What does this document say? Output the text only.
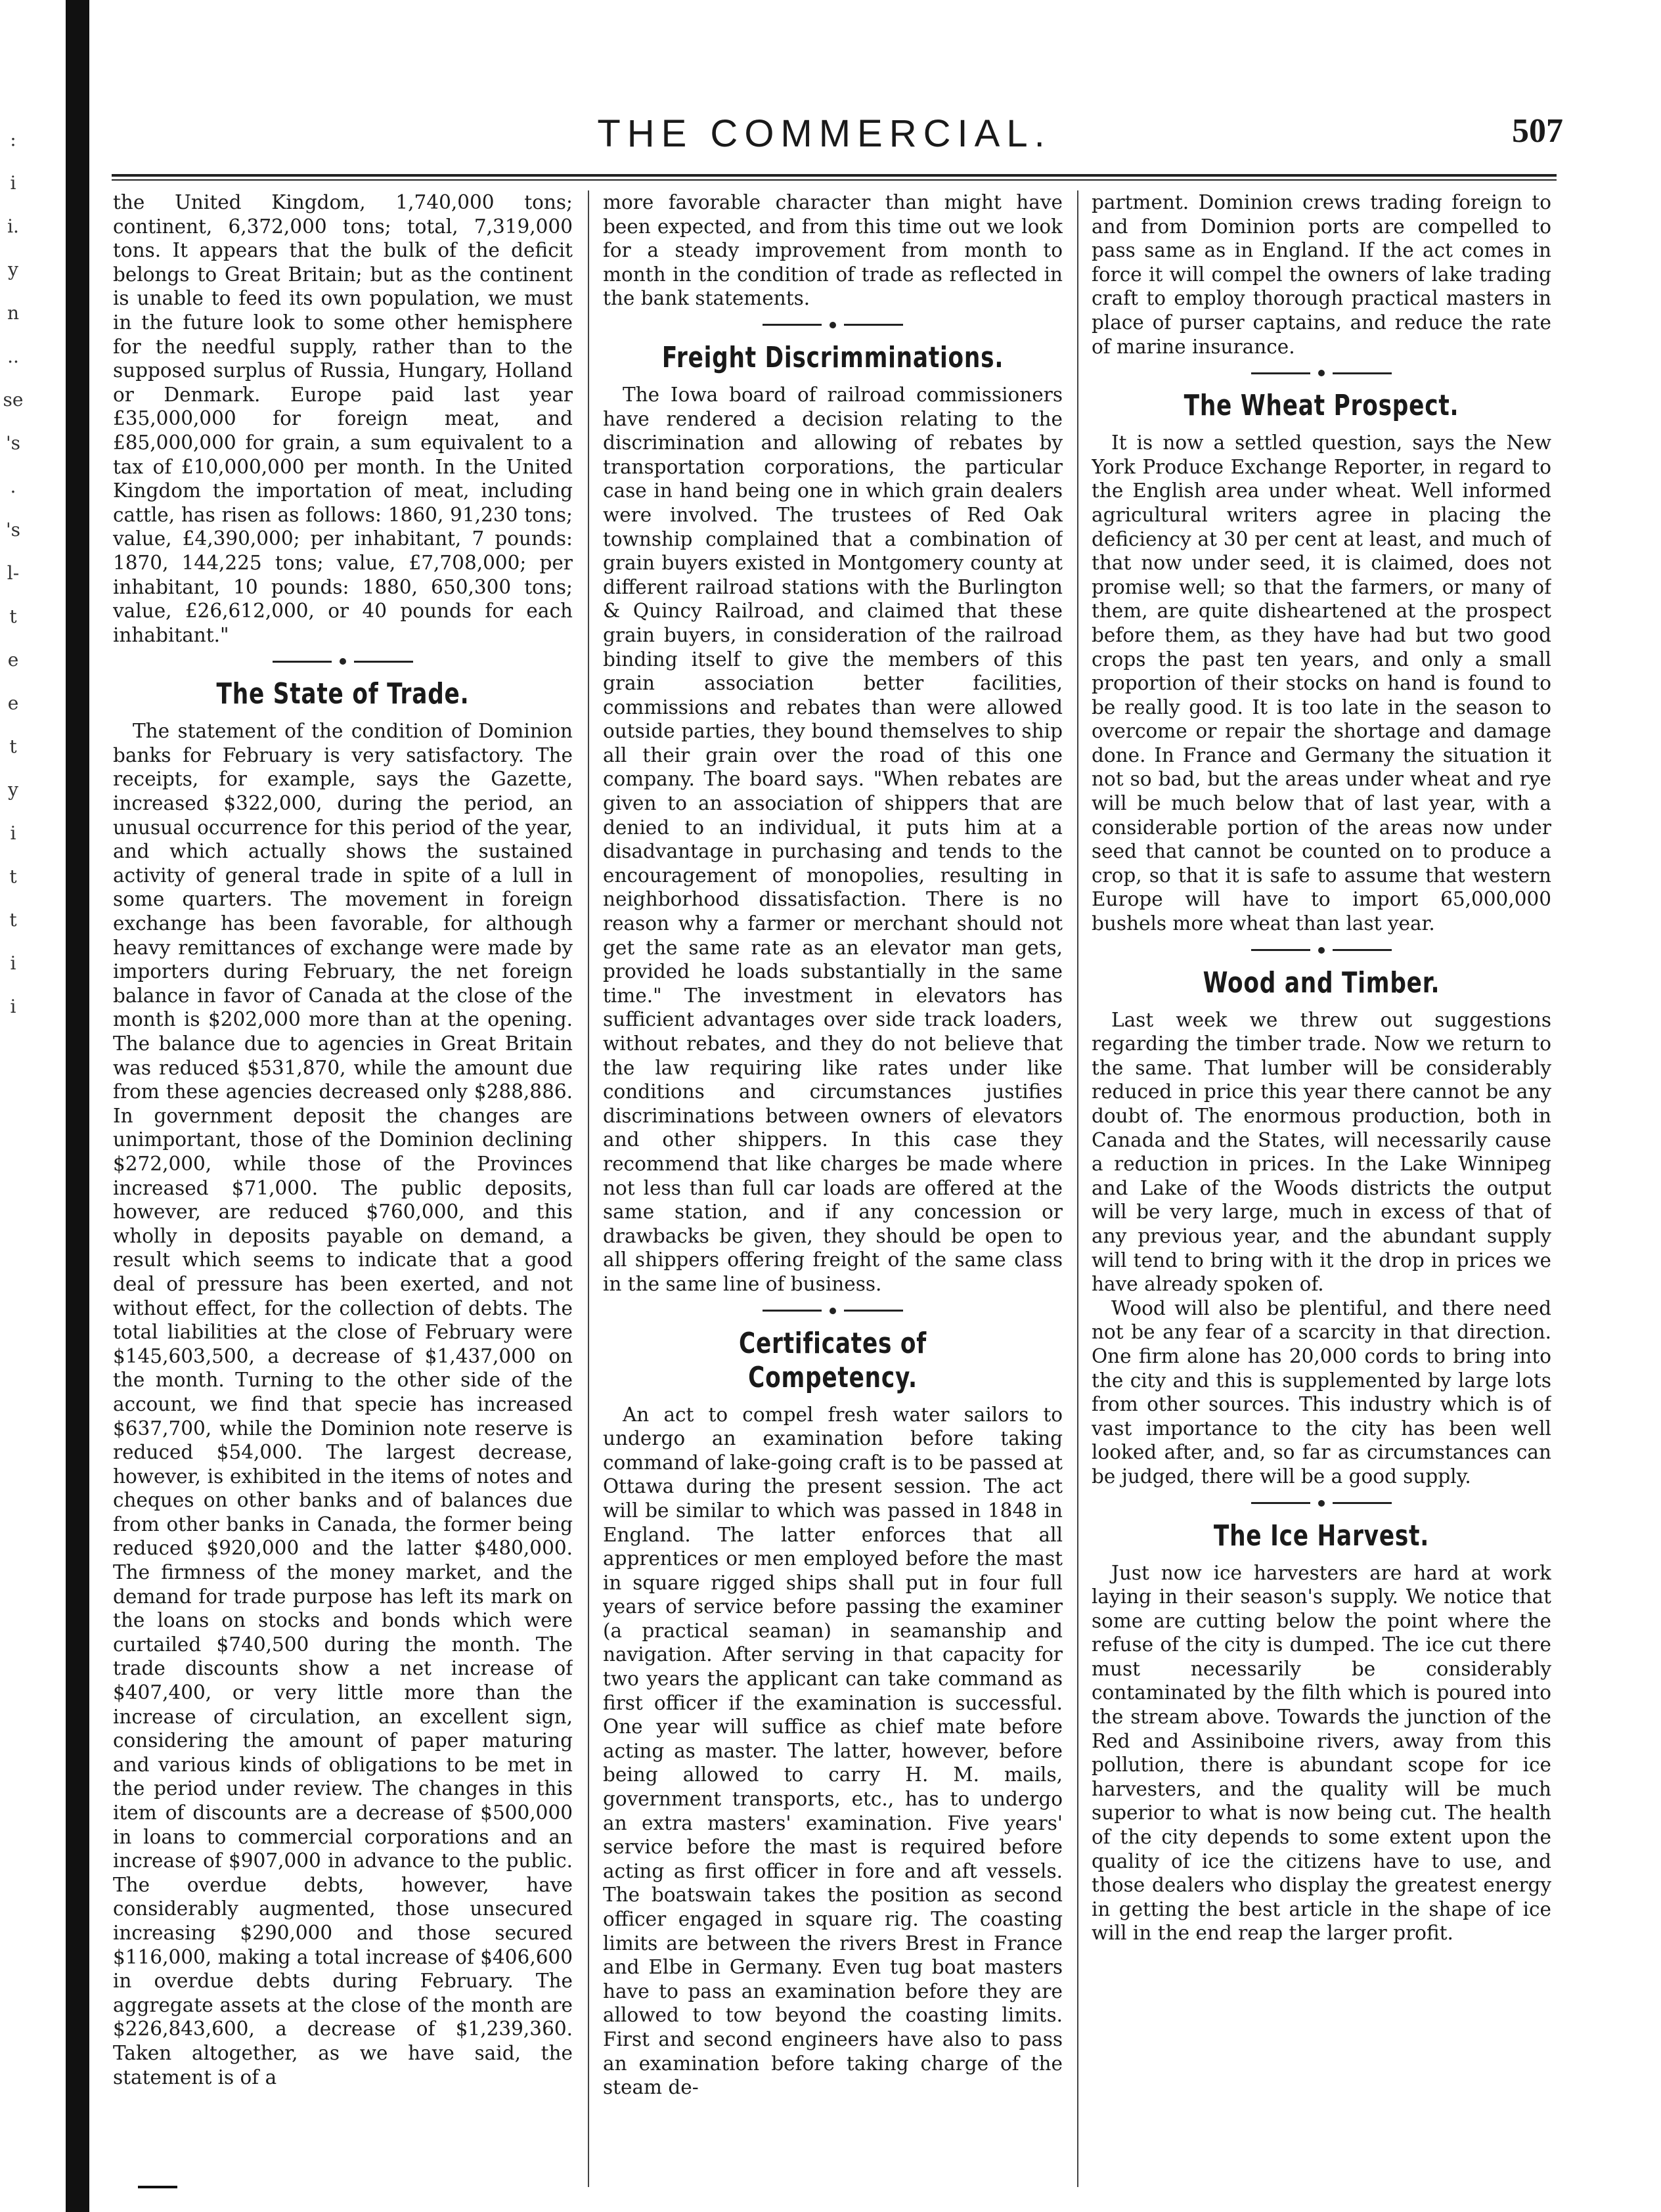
:
i
i.
y
n
..
se
's
.
's
l-
t
e
e
t
y
i
t
t
i
i
THE COMMERCIAL.	507

the United Kingdom, 1,740,000 tons; continent, 6,372,000 tons; total, 7,319,000 tons. It appears that the bulk of the deficit belongs to Great Britain; but as the continent is unable to feed its own population, we must in the future look to some other hemisphere for the needful supply, rather than to the supposed surplus of Russia, Hungary, Holland or Denmark. Europe paid last year £35,000,000 for foreign meat, and £85,000,000 for grain, a sum equivalent to a tax of £10,000,000 per month. In the United Kingdom the importation of meat, including cattle, has risen as follows: 1860, 91,230 tons; value, £4,390,000; per inhabitant, 7 pounds: 1870, 144,225 tons; value, £7,708,000; per inhabitant, 10 pounds: 1880, 650,300 tons; value, £26,612,000, or 40 pounds for each inhabitant."

The State of Trade.

The statement of the condition of Dominion banks for February is very satisfactory. The receipts, for example, says the Gazette, increased $322,000, during the period, an unusual occurrence for this period of the year, and which actually shows the sustained activity of general trade in spite of a lull in some quarters. The movement in foreign exchange has been favorable, for although heavy remittances of exchange were made by importers during February, the net foreign balance in favor of Canada at the close of the month is $202,000 more than at the opening. The balance due to agencies in Great Britain was reduced $531,870, while the amount due from these agencies decreased only $288,886. In government deposit the changes are unimportant, those of the Dominion declining $272,000, while those of the Provinces increased $71,000. The public deposits, however, are reduced $760,000, and this wholly in deposits payable on demand, a result which seems to indicate that a good deal of pressure has been exerted, and not without effect, for the collection of debts. The total liabilities at the close of February were $145,603,500, a decrease of $1,437,000 on the month. Turning to the other side of the account, we find that specie has increased $637,700, while the Dominion note reserve is reduced $54,000. The largest decrease, however, is exhibited in the items of notes and cheques on other banks and of balances due from other banks in Canada, the former being reduced $920,000 and the latter $480,000. The firmness of the money market, and the demand for trade purpose has left its mark on the loans on stocks and bonds which were curtailed $740,500 during the month. The trade discounts show a net increase of $407,400, or very little more than the increase of circulation, an excellent sign, considering the amount of paper maturing and various kinds of obligations to be met in the period under review. The changes in this item of discounts are a decrease of $500,000 in loans to commercial corporations and an increase of $907,000 in advance to the public. The overdue debts, however, have considerably augmented, those unsecured increasing $290,000 and those secured $116,000, making a total increase of $406,600 in overdue debts during February. The aggregate assets at the close of the month are $226,843,600, a decrease of $1,239,360. Taken altogether, as we have said, the statement is of a

more favorable character than might have been expected, and from this time out we look for a steady improvement from month to month in the condition of trade as reflected in the bank statements.

Freight Discrimminations.

The Iowa board of railroad commissioners have rendered a decision relating to the discrimination and allowing of rebates by transportation corporations, the particular case in hand being one in which grain dealers were involved. The trustees of Red Oak township complained that a combination of grain buyers existed in Montgomery county at different railroad stations with the Burlington & Quincy Railroad, and claimed that these grain buyers, in consideration of the railroad binding itself to give the members of this grain association better facilities, commissions and rebates than were allowed outside parties, they bound themselves to ship all their grain over the road of this one company. The board says. "When rebates are given to an association of shippers that are denied to an individual, it puts him at a disadvantage in purchasing and tends to the encouragement of monopolies, resulting in neighborhood dissatisfaction. There is no reason why a farmer or merchant should not get the same rate as an elevator man gets, provided he loads substantially in the same time." The investment in elevators has sufficient advantages over side track loaders, without rebates, and they do not believe that the law requiring like rates under like conditions and circumstances justifies discriminations between owners of elevators and other shippers. In this case they recommend that like charges be made where not less than full car loads are offered at the same station, and if any concession or drawbacks be given, they should be open to all shippers offering freight of the same class in the same line of business.

Certificates of Competency.

An act to compel fresh water sailors to undergo an examination before taking command of lake-going craft is to be passed at Ottawa during the present session. The act will be similar to which was passed in 1848 in England. The latter enforces that all apprentices or men employed before the mast in square rigged ships shall put in four full years of service before passing the examiner (a practical seaman) in seamanship and navigation. After serving in that capacity for two years the applicant can take command as first officer if the examination is successful. One year will suffice as chief mate before acting as master. The latter, however, before being allowed to carry H. M. mails, government transports, etc., has to undergo an extra masters' examination. Five years' service before the mast is required before acting as first officer in fore and aft vessels. The boatswain takes the position as second officer engaged in square rig. The coasting limits are between the rivers Brest in France and Elbe in Germany. Even tug boat masters have to pass an examination before they are allowed to tow beyond the coasting limits. First and second engineers have also to pass an examination before taking charge of the steam de-

partment. Dominion crews trading foreign to and from Dominion ports are compelled to pass same as in England. If the act comes in force it will compel the owners of lake trading craft to employ thorough practical masters in place of purser captains, and reduce the rate of marine insurance.

The Wheat Prospect.

It is now a settled question, says the New York Produce Exchange Reporter, in regard to the English area under wheat. Well informed agricultural writers agree in placing the deficiency at 30 per cent at least, and much of that now under seed, it is claimed, does not promise well; so that the farmers, or many of them, are quite disheartened at the prospect before them, as they have had but two good crops the past ten years, and only a small proportion of their stocks on hand is found to be really good. It is too late in the season to overcome or repair the shortage and damage done. In France and Germany the situation it not so bad, but the areas under wheat and rye will be much below that of last year, with a considerable portion of the areas now under seed that cannot be counted on to produce a crop, so that it is safe to assume that western Europe will have to import 65,000,000 bushels more wheat than last year.

Wood and Timber.

Last week we threw out suggestions regarding the timber trade. Now we return to the same. That lumber will be considerably reduced in price this year there cannot be any doubt of. The enormous production, both in Canada and the States, will necessarily cause a reduction in prices. In the Lake Winnipeg and Lake of the Woods districts the output will be very large, much in excess of that of any previous year, and the abundant supply will tend to bring with it the drop in prices we have already spoken of.

Wood will also be plentiful, and there need not be any fear of a scarcity in that direction. One firm alone has 20,000 cords to bring into the city and this is supplemented by large lots from other sources. This industry which is of vast importance to the city has been well looked after, and, so far as circumstances can be judged, there will be a good supply.

The Ice Harvest.

Just now ice harvesters are hard at work laying in their season's supply. We notice that some are cutting below the point where the refuse of the city is dumped. The ice cut there must necessarily be considerably contaminated by the filth which is poured into the stream above. Towards the junction of the Red and Assiniboine rivers, away from this pollution, there is abundant scope for ice harvesters, and the quality will be much superior to what is now being cut. The health of the city depends to some extent upon the quality of ice the citizens have to use, and those dealers who display the greatest energy in getting the best article in the shape of ice will in the end reap the larger profit.
